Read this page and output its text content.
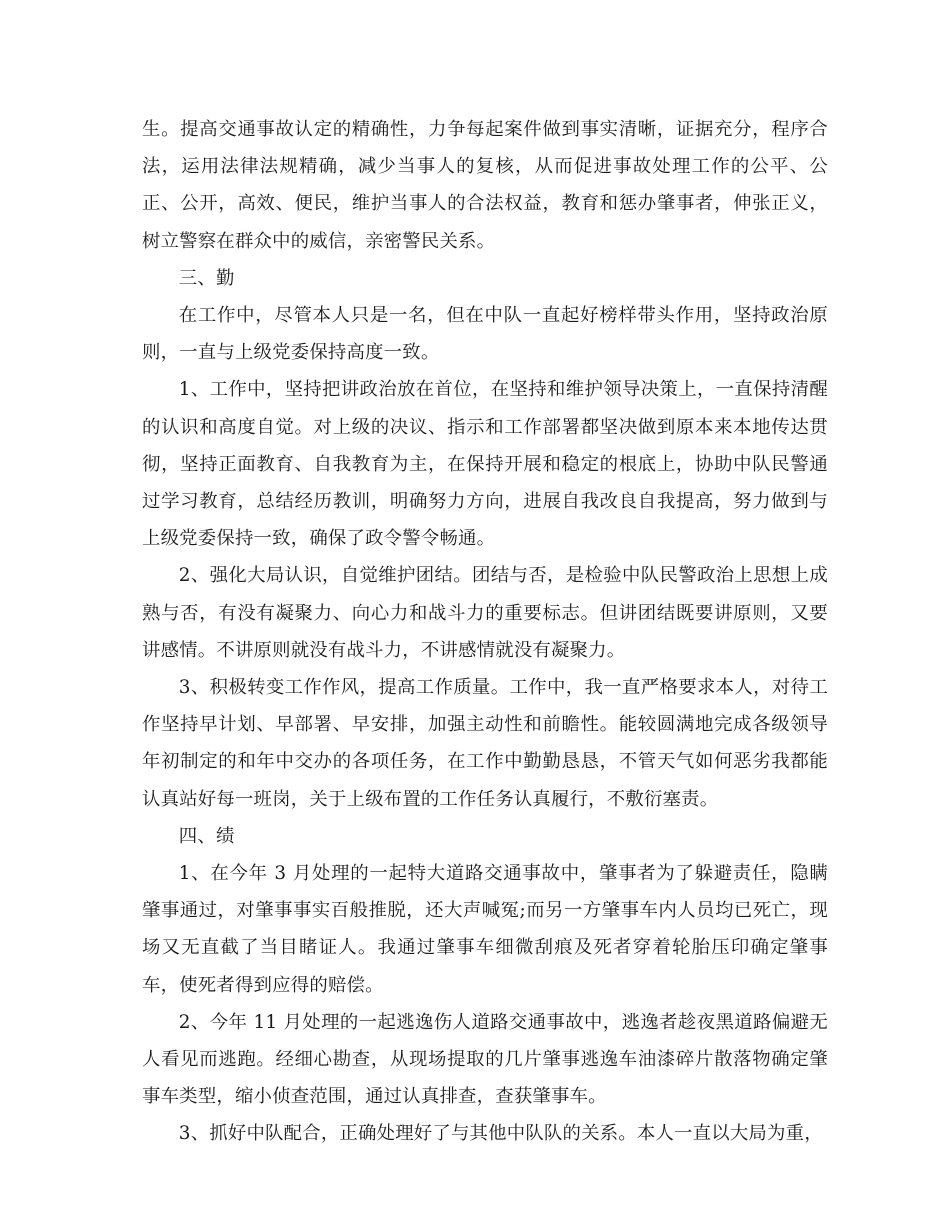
生。提高交通事故认定的精确性，力争每起案件做到事实清晰，证据充分，程序合法，运用法律法规精确，减少当事人的复核，从而促进事故处理工作的公平、公正、公开，高效、便民，维护当事人的合法权益，教育和惩办肇事者，伸张正义，树立警察在群众中的威信，亲密警民关系。

三、勤

在工作中，尽管本人只是一名，但在中队一直起好榜样带头作用，坚持政治原则，一直与上级党委保持高度一致。

1、工作中，坚持把讲政治放在首位，在坚持和维护领导决策上，一直保持清醒的认识和高度自觉。对上级的决议、指示和工作部署都坚决做到原本来本地传达贯彻，坚持正面教育、自我教育为主，在保持开展和稳定的根底上，协助中队民警通过学习教育，总结经历教训，明确努力方向，进展自我改良自我提高，努力做到与上级党委保持一致，确保了政令警令畅通。

2、强化大局认识，自觉维护团结。团结与否，是检验中队民警政治上思想上成熟与否，有没有凝聚力、向心力和战斗力的重要标志。但讲团结既要讲原则，又要讲感情。不讲原则就没有战斗力，不讲感情就没有凝聚力。

3、积极转变工作作风，提高工作质量。工作中，我一直严格要求本人，对待工作坚持早计划、早部署、早安排，加强主动性和前瞻性。能较圆满地完成各级领导年初制定的和年中交办的各项任务，在工作中勤勤恳恳，不管天气如何恶劣我都能认真站好每一班岗，关于上级布置的工作任务认真履行，不敷衍塞责。

四、绩

1、在今年 3 月处理的一起特大道路交通事故中，肇事者为了躲避责任，隐瞒肇事通过，对肇事事实百般推脱，还大声喊冤;而另一方肇事车内人员均已死亡，现场又无直截了当目睹证人。我通过肇事车细微刮痕及死者穿着轮胎压印确定肇事车，使死者得到应得的赔偿。

2、今年 11 月处理的一起逃逸伤人道路交通事故中，逃逸者趁夜黑道路偏避无人看见而逃跑。经细心勘查，从现场提取的几片肇事逃逸车油漆碎片散落物确定肇事车类型，缩小侦查范围，通过认真排查，查获肇事车。

3、抓好中队配合，正确处理好了与其他中队队的关系。本人一直以大局为重，
